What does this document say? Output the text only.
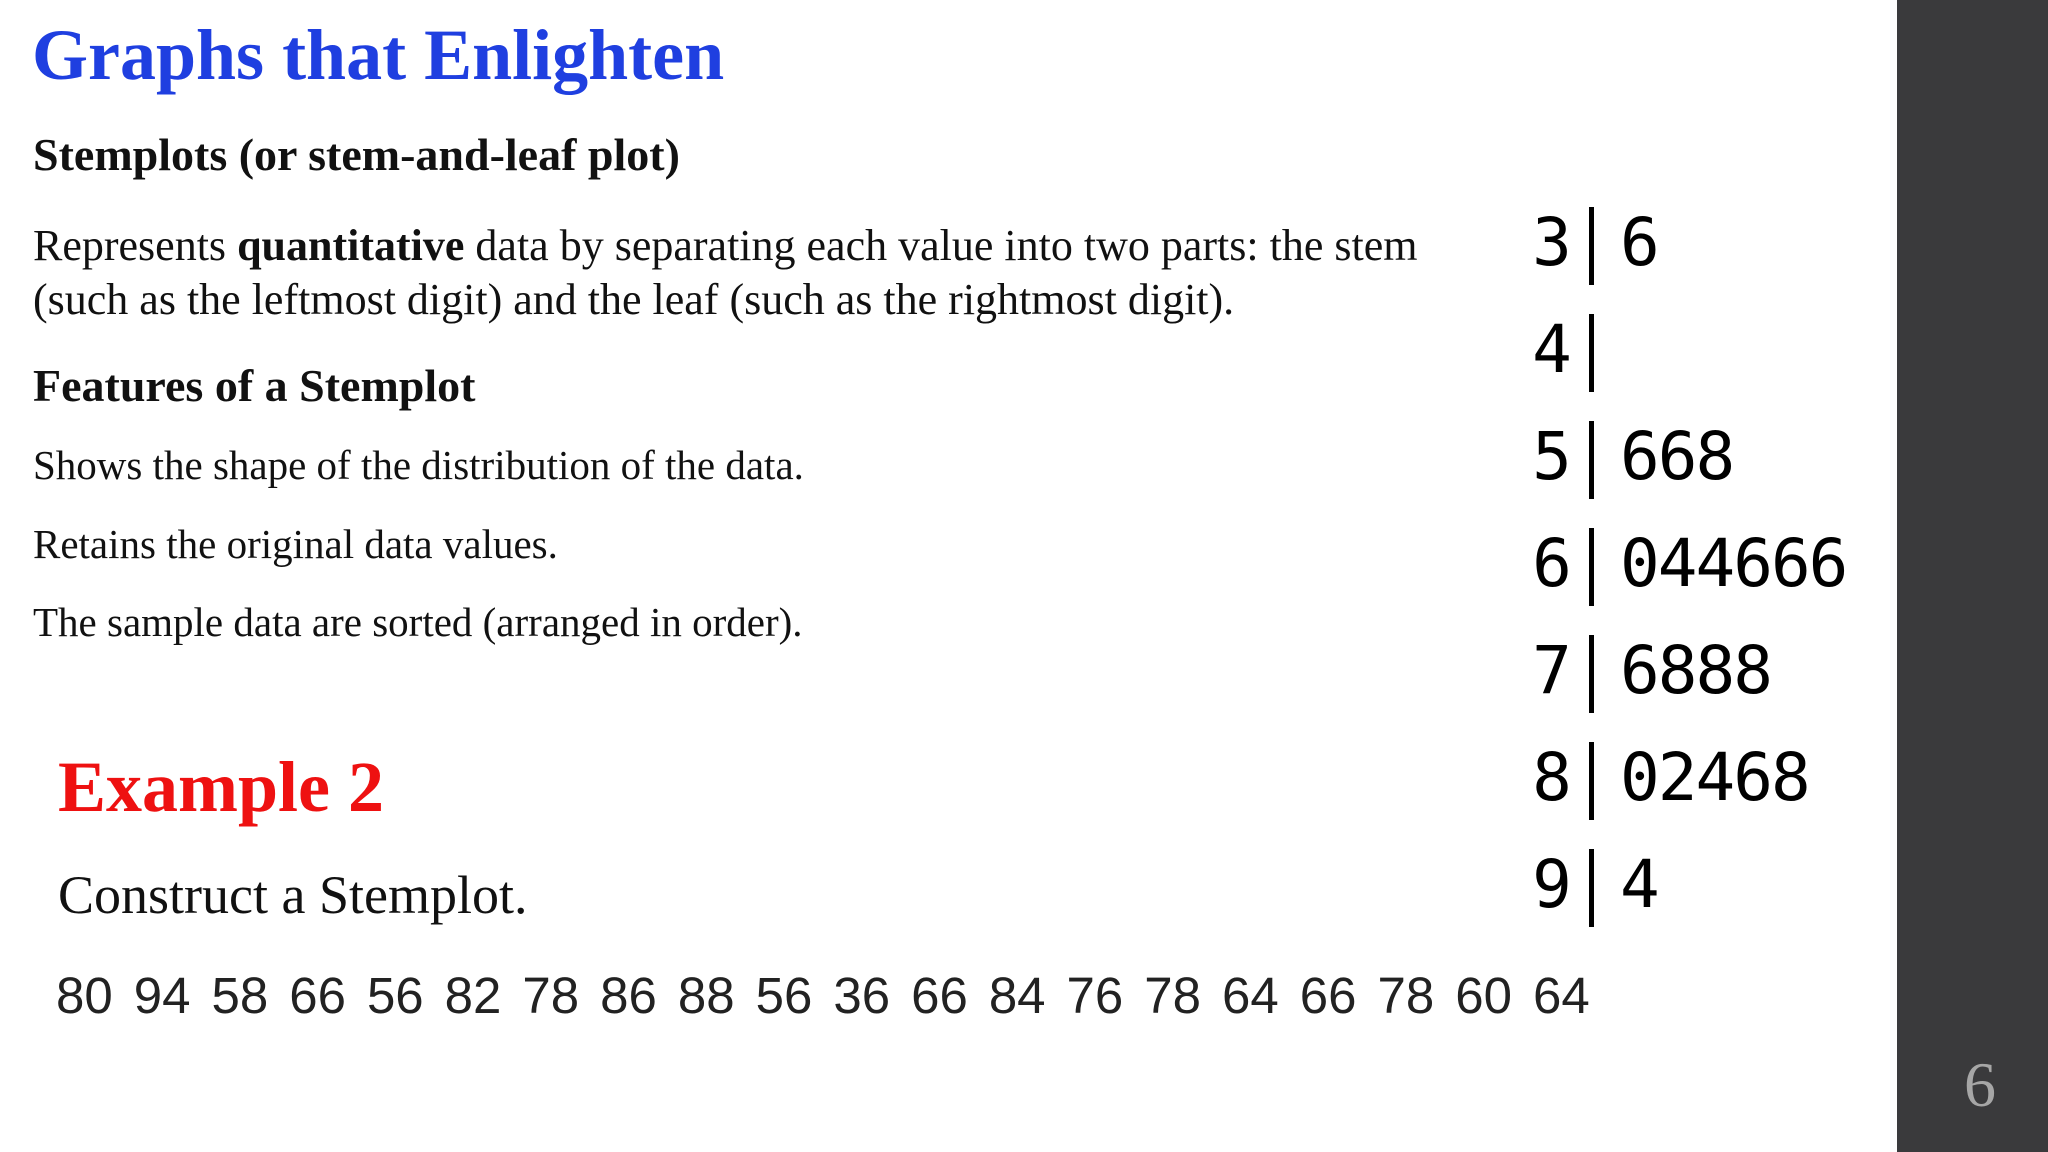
Graphs that Enlighten
Stemplots (or stem-and-leaf plot)

Represents quantitative data by separating each value into two parts: the stem (such as the leftmost digit) and the leaf (such as the rightmost digit).

Features of a Stemplot

Shows the shape of the distribution of the data.

Retains the original data values.

The sample data are sorted (arranged in order).

Example 2

Construct a Stemplot.

80 94 58 66 56 82 78 86 88 56 36 66 84 76 78 64 66 78 60 64
3 6
4
5 668
6 044666
7 6888
8 02468
9 4
6
